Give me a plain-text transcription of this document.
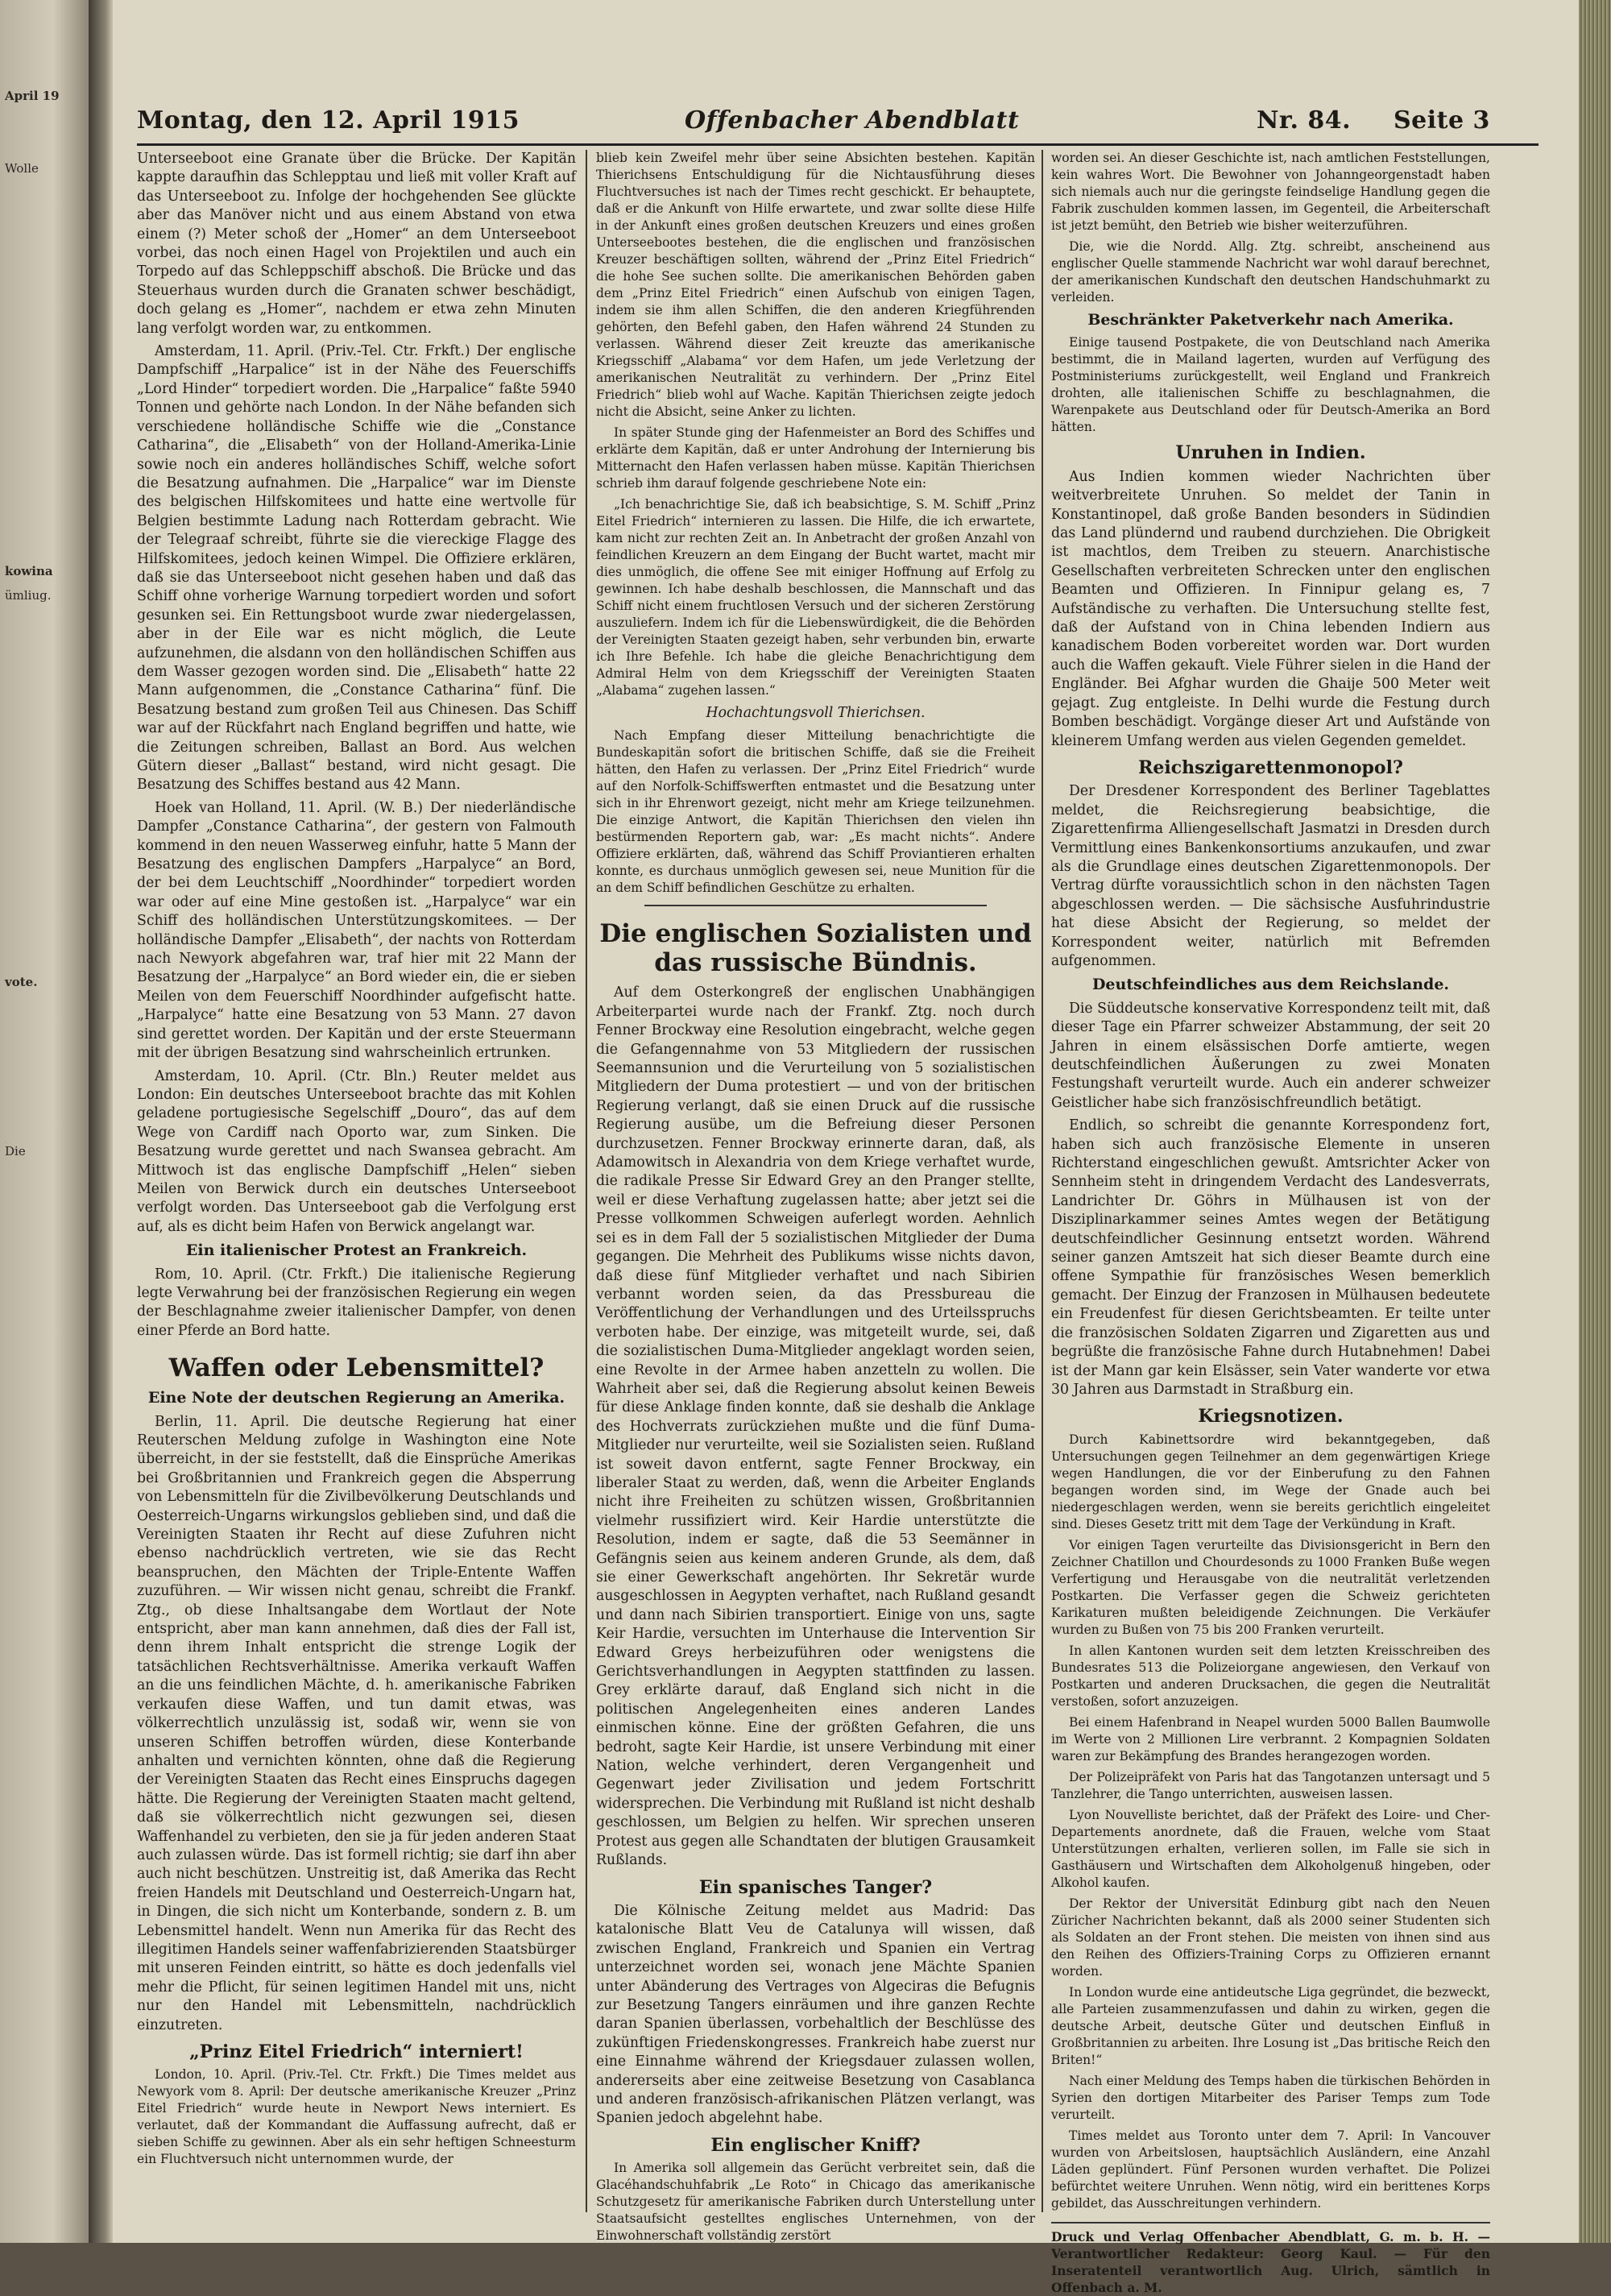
April 19
Wolle
kowina
ümliug.
vote.
Die
Montag, den 12. April 1915	Offenbacher Abendblatt	Nr. 84. Seite 3

Unterseeboot eine Granate über die Brücke. Der Kapitän kappte daraufhin das Schlepptau und ließ mit voller Kraft auf das Unterseeboot zu. Infolge der hochgehenden See glückte aber das Manöver nicht und aus einem Abstand von etwa einem (?) Meter schoß der „Homer“ an dem Unterseeboot vorbei, das noch einen Hagel von Projektilen und auch ein Torpedo auf das Schleppschiff abschoß. Die Brücke und das Steuerhaus wurden durch die Granaten schwer beschädigt, doch gelang es „Homer“, nachdem er etwa zehn Minuten lang verfolgt worden war, zu entkommen.

Amsterdam, 11. April. (Priv.-Tel. Ctr. Frkft.) Der englische Dampfschiff „Harpalice“ ist in der Nähe des Feuerschiffs „Lord Hinder“ torpediert worden. Die „Harpalice“ faßte 5940 Tonnen und gehörte nach London. In der Nähe befanden sich verschiedene holländische Schiffe wie die „Constance Catharina“, die „Elisabeth“ von der Holland-Amerika-Linie sowie noch ein anderes holländisches Schiff, welche sofort die Besatzung aufnahmen. Die „Harpalice“ war im Dienste des belgischen Hilfskomitees und hatte eine wertvolle für Belgien bestimmte Ladung nach Rotterdam gebracht. Wie der Telegraaf schreibt, führte sie die viereckige Flagge des Hilfskomitees, jedoch keinen Wimpel. Die Offiziere erklären, daß sie das Unterseeboot nicht gesehen haben und daß das Schiff ohne vorherige Warnung torpediert worden und sofort gesunken sei. Ein Rettungsboot wurde zwar niedergelassen, aber in der Eile war es nicht möglich, die Leute aufzunehmen, die alsdann von den holländischen Schiffen aus dem Wasser gezogen worden sind. Die „Elisabeth“ hatte 22 Mann aufgenommen, die „Constance Catharina“ fünf. Die Besatzung bestand zum großen Teil aus Chinesen. Das Schiff war auf der Rückfahrt nach England begriffen und hatte, wie die Zeitungen schreiben, Ballast an Bord. Aus welchen Gütern dieser „Ballast“ bestand, wird nicht gesagt. Die Besatzung des Schiffes bestand aus 42 Mann.

Hoek van Holland, 11. April. (W. B.) Der niederländische Dampfer „Constance Catharina“, der gestern von Falmouth kommend in den neuen Wasserweg einfuhr, hatte 5 Mann der Besatzung des englischen Dampfers „Harpalyce“ an Bord, der bei dem Leuchtschiff „Noordhinder“ torpediert worden war oder auf eine Mine gestoßen ist. „Harpalyce“ war ein Schiff des holländischen Unterstützungskomitees. — Der holländische Dampfer „Elisabeth“, der nachts von Rotterdam nach Newyork abgefahren war, traf hier mit 22 Mann der Besatzung der „Harpalyce“ an Bord wieder ein, die er sieben Meilen von dem Feuerschiff Noordhinder aufgefischt hatte. „Harpalyce“ hatte eine Besatzung von 53 Mann. 27 davon sind gerettet worden. Der Kapitän und der erste Steuermann mit der übrigen Besatzung sind wahrscheinlich ertrunken.

Amsterdam, 10. April. (Ctr. Bln.) Reuter meldet aus London: Ein deutsches Unterseeboot brachte das mit Kohlen geladene portugiesische Segelschiff „Douro“, das auf dem Wege von Cardiff nach Oporto war, zum Sinken. Die Besatzung wurde gerettet und nach Swansea gebracht. Am Mittwoch ist das englische Dampfschiff „Helen“ sieben Meilen von Berwick durch ein deutsches Unterseeboot verfolgt worden. Das Unterseeboot gab die Verfolgung erst auf, als es dicht beim Hafen von Berwick angelangt war.

Ein italienischer Protest an Frankreich.

Rom, 10. April. (Ctr. Frkft.) Die italienische Regierung legte Verwahrung bei der französischen Regierung ein wegen der Beschlagnahme zweier italienischer Dampfer, von denen einer Pferde an Bord hatte.

Waffen oder Lebensmittel?
Eine Note der deutschen Regierung an Amerika.

Berlin, 11. April. Die deutsche Regierung hat einer Reuterschen Meldung zufolge in Washington eine Note überreicht, in der sie feststellt, daß die Einsprüche Amerikas bei Großbritannien und Frankreich gegen die Absperrung von Lebensmitteln für die Zivilbevölkerung Deutschlands und Oesterreich-Ungarns wirkungslos geblieben sind, und daß die Vereinigten Staaten ihr Recht auf diese Zufuhren nicht ebenso nachdrücklich vertreten, wie sie das Recht beanspruchen, den Mächten der Triple-Entente Waffen zuzuführen. — Wir wissen nicht genau, schreibt die Frankf. Ztg., ob diese Inhaltsangabe dem Wortlaut der Note entspricht, aber man kann annehmen, daß dies der Fall ist, denn ihrem Inhalt entspricht die strenge Logik der tatsächlichen Rechtsverhältnisse. Amerika verkauft Waffen an die uns feindlichen Mächte, d. h. amerikanische Fabriken verkaufen diese Waffen, und tun damit etwas, was völkerrechtlich unzulässig ist, sodaß wir, wenn sie von unseren Schiffen betroffen würden, diese Konterbande anhalten und vernichten könnten, ohne daß die Regierung der Vereinigten Staaten das Recht eines Einspruchs dagegen hätte. Die Regierung der Vereinigten Staaten macht geltend, daß sie völkerrechtlich nicht gezwungen sei, diesen Waffenhandel zu verbieten, den sie ja für jeden anderen Staat auch zulassen würde. Das ist formell richtig; sie darf ihn aber auch nicht beschützen. Unstreitig ist, daß Amerika das Recht freien Handels mit Deutschland und Oesterreich-Ungarn hat, in Dingen, die sich nicht um Konterbande, sondern z. B. um Lebensmittel handelt. Wenn nun Amerika für das Recht des illegitimen Handels seiner waffenfabrizierenden Staatsbürger mit unseren Feinden eintritt, so hätte es doch jedenfalls viel mehr die Pflicht, für seinen legitimen Handel mit uns, nicht nur den Handel mit Lebensmitteln, nachdrücklich einzutreten.

„Prinz Eitel Friedrich“ interniert!

London, 10. April. (Priv.-Tel. Ctr. Frkft.) Die Times meldet aus Newyork vom 8. April: Der deutsche amerikanische Kreuzer „Prinz Eitel Friedrich“ wurde heute in Newport News interniert. Es verlautet, daß der Kommandant die Auffassung aufrecht, daß er sieben Schiffe zu gewinnen. Aber als ein sehr heftigen Schneesturm ein Fluchtversuch nicht unternommen wurde, der

blieb kein Zweifel mehr über seine Absichten bestehen. Kapitän Thierichsens Entschuldigung für die Nichtausführung dieses Fluchtversuches ist nach der Times recht geschickt. Er behauptete, daß er die Ankunft von Hilfe erwartete, und zwar sollte diese Hilfe in der Ankunft eines großen deutschen Kreuzers und eines großen Unterseebootes bestehen, die die englischen und französischen Kreuzer beschäftigen sollten, während der „Prinz Eitel Friedrich“ die hohe See suchen sollte. Die amerikanischen Behörden gaben dem „Prinz Eitel Friedrich“ einen Aufschub von einigen Tagen, indem sie ihm allen Schiffen, die den anderen Kriegführenden gehörten, den Befehl gaben, den Hafen während 24 Stunden zu verlassen. Während dieser Zeit kreuzte das amerikanische Kriegsschiff „Alabama“ vor dem Hafen, um jede Verletzung der amerikanischen Neutralität zu verhindern. Der „Prinz Eitel Friedrich“ blieb wohl auf Wache. Kapitän Thierichsen zeigte jedoch nicht die Absicht, seine Anker zu lichten.

In später Stunde ging der Hafenmeister an Bord des Schiffes und erklärte dem Kapitän, daß er unter Androhung der Internierung bis Mitternacht den Hafen verlassen haben müsse. Kapitän Thierichsen schrieb ihm darauf folgende geschriebene Note ein:

„Ich benachrichtige Sie, daß ich beabsichtige, S. M. Schiff „Prinz Eitel Friedrich“ internieren zu lassen. Die Hilfe, die ich erwartete, kam nicht zur rechten Zeit an. In Anbetracht der großen Anzahl von feindlichen Kreuzern an dem Eingang der Bucht wartet, macht mir dies unmöglich, die offene See mit einiger Hoffnung auf Erfolg zu gewinnen. Ich habe deshalb beschlossen, die Mannschaft und das Schiff nicht einem fruchtlosen Versuch und der sicheren Zerstörung auszuliefern. Indem ich für die Liebenswürdigkeit, die die Behörden der Vereinigten Staaten gezeigt haben, sehr verbunden bin, erwarte ich Ihre Befehle. Ich habe die gleiche Benachrichtigung dem Admiral Helm von dem Kriegsschiff der Vereinigten Staaten „Alabama“ zugehen lassen.“

Hochachtungsvoll Thierichsen.

Nach Empfang dieser Mitteilung benachrichtigte die Bundeskapitän sofort die britischen Schiffe, daß sie die Freiheit hätten, den Hafen zu verlassen. Der „Prinz Eitel Friedrich“ wurde auf den Norfolk-Schiffswerften entmastet und die Besatzung unter sich in ihr Ehrenwort gezeigt, nicht mehr am Kriege teilzunehmen. Die einzige Antwort, die Kapitän Thierichsen den vielen ihn bestürmenden Reportern gab, war: „Es macht nichts“. Andere Offiziere erklärten, daß, während das Schiff Proviantieren erhalten konnte, es durchaus unmöglich gewesen sei, neue Munition für die an dem Schiff befindlichen Geschütze zu erhalten.

Die englischen Sozialisten und das russische Bündnis.

Auf dem Osterkongreß der englischen Unabhängigen Arbeiterpartei wurde nach der Frankf. Ztg. noch durch Fenner Brockway eine Resolution eingebracht, welche gegen die Gefangennahme von 53 Mitgliedern der russischen Seemannsunion und die Verurteilung von 5 sozialistischen Mitgliedern der Duma protestiert — und von der britischen Regierung verlangt, daß sie einen Druck auf die russische Regierung ausübe, um die Befreiung dieser Personen durchzusetzen. Fenner Brockway erinnerte daran, daß, als Adamowitsch in Alexandria von dem Kriege verhaftet wurde, die radikale Presse Sir Edward Grey an den Pranger stellte, weil er diese Verhaftung zugelassen hatte; aber jetzt sei die Presse vollkommen Schweigen auferlegt worden. Aehnlich sei es in dem Fall der 5 sozialistischen Mitglieder der Duma gegangen. Die Mehrheit des Publikums wisse nichts davon, daß diese fünf Mitglieder verhaftet und nach Sibirien verbannt worden seien, da das Pressbureau die Veröffentlichung der Verhandlungen und des Urteilsspruchs verboten habe. Der einzige, was mitgeteilt wurde, sei, daß die sozialistischen Duma-Mitglieder angeklagt worden seien, eine Revolte in der Armee haben anzetteln zu wollen. Die Wahrheit aber sei, daß die Regierung absolut keinen Beweis für diese Anklage finden konnte, daß sie deshalb die Anklage des Hochverrats zurückziehen mußte und die fünf Duma-Mitglieder nur verurteilte, weil sie Sozialisten seien. Rußland ist soweit davon entfernt, sagte Fenner Brockway, ein liberaler Staat zu werden, daß, wenn die Arbeiter Englands nicht ihre Freiheiten zu schützen wissen, Großbritannien vielmehr russifiziert wird. Keir Hardie unterstützte die Resolution, indem er sagte, daß die 53 Seemänner in Gefängnis seien aus keinem anderen Grunde, als dem, daß sie einer Gewerkschaft angehörten. Ihr Sekretär wurde ausgeschlossen in Aegypten verhaftet, nach Rußland gesandt und dann nach Sibirien transportiert. Einige von uns, sagte Keir Hardie, versuchten im Unterhause die Intervention Sir Edward Greys herbeizuführen oder wenigstens die Gerichtsverhandlungen in Aegypten stattfinden zu lassen. Grey erklärte darauf, daß England sich nicht in die politischen Angelegenheiten eines anderen Landes einmischen könne. Eine der größten Gefahren, die uns bedroht, sagte Keir Hardie, ist unsere Verbindung mit einer Nation, welche verhindert, deren Vergangenheit und Gegenwart jeder Zivilisation und jedem Fortschritt widersprechen. Die Verbindung mit Rußland ist nicht deshalb geschlossen, um Belgien zu helfen. Wir sprechen unseren Protest aus gegen alle Schandtaten der blutigen Grausamkeit Rußlands.

Ein spanisches Tanger?

Die Kölnische Zeitung meldet aus Madrid: Das katalonische Blatt Veu de Catalunya will wissen, daß zwischen England, Frankreich und Spanien ein Vertrag unterzeichnet worden sei, wonach jene Mächte Spanien unter Abänderung des Vertrages von Algeciras die Befugnis zur Besetzung Tangers einräumen und ihre ganzen Rechte daran Spanien überlassen, vorbehaltlich der Beschlüsse des zukünftigen Friedenskongresses. Frankreich habe zuerst nur eine Einnahme während der Kriegsdauer zulassen wollen, andererseits aber eine zeitweise Besetzung von Casablanca und anderen französisch-afrikanischen Plätzen verlangt, was Spanien jedoch abgelehnt habe.

Ein englischer Kniff?

In Amerika soll allgemein das Gerücht verbreitet sein, daß die Glacéhandschuhfabrik „Le Roto“ in Chicago das amerikanische Schutzgesetz für amerikanische Fabriken durch Unterstellung unter Staatsaufsicht gestelltes englisches Unternehmen, von der Einwohnerschaft vollständig zerstört

worden sei. An dieser Geschichte ist, nach amtlichen Feststellungen, kein wahres Wort. Die Bewohner von Johanngeorgenstadt haben sich niemals auch nur die geringste feindselige Handlung gegen die Fabrik zuschulden kommen lassen, im Gegenteil, die Arbeiterschaft ist jetzt bemüht, den Betrieb wie bisher weiterzuführen.

Die, wie die Nordd. Allg. Ztg. schreibt, anscheinend aus englischer Quelle stammende Nachricht war wohl darauf berechnet, der amerikanischen Kundschaft den deutschen Handschuhmarkt zu verleiden.

Beschränkter Paketverkehr nach Amerika.

Einige tausend Postpakete, die von Deutschland nach Amerika bestimmt, die in Mailand lagerten, wurden auf Verfügung des Postministeriums zurückgestellt, weil England und Frankreich drohten, alle italienischen Schiffe zu beschlagnahmen, die Warenpakete aus Deutschland oder für Deutsch-Amerika an Bord hätten.

Unruhen in Indien.

Aus Indien kommen wieder Nachrichten über weitverbreitete Unruhen. So meldet der Tanin in Konstantinopel, daß große Banden besonders in Südindien das Land plündernd und raubend durchziehen. Die Obrigkeit ist machtlos, dem Treiben zu steuern. Anarchistische Gesellschaften verbreiteten Schrecken unter den englischen Beamten und Offizieren. In Finnipur gelang es, 7 Aufständische zu verhaften. Die Untersuchung stellte fest, daß der Aufstand von in China lebenden Indiern aus kanadischem Boden vorbereitet worden war. Dort wurden auch die Waffen gekauft. Viele Führer sielen in die Hand der Engländer. Bei Afghar wurden die Ghaije 500 Meter weit gejagt. Zug entgleiste. In Delhi wurde die Festung durch Bomben beschädigt. Vorgänge dieser Art und Aufstände von kleinerem Umfang werden aus vielen Gegenden gemeldet.

Reichszigarettenmonopol?

Der Dresdener Korrespondent des Berliner Tageblattes meldet, die Reichsregierung beabsichtige, die Zigarettenfirma Alliengesellschaft Jasmatzi in Dresden durch Vermittlung eines Bankenkonsortiums anzukaufen, und zwar als die Grundlage eines deutschen Zigarettenmonopols. Der Vertrag dürfte voraussichtlich schon in den nächsten Tagen abgeschlossen werden. — Die sächsische Ausfuhrindustrie hat diese Absicht der Regierung, so meldet der Korrespondent weiter, natürlich mit Befremden aufgenommen.

Deutschfeindliches aus dem Reichslande.

Die Süddeutsche konservative Korrespondenz teilt mit, daß dieser Tage ein Pfarrer schweizer Abstammung, der seit 20 Jahren in einem elsässischen Dorfe amtierte, wegen deutschfeindlichen Äußerungen zu zwei Monaten Festungshaft verurteilt wurde. Auch ein anderer schweizer Geistlicher habe sich französischfreundlich betätigt.

Endlich, so schreibt die genannte Korrespondenz fort, haben sich auch französische Elemente in unseren Richterstand eingeschlichen gewußt. Amtsrichter Acker von Sennheim steht in dringendem Verdacht des Landesverrats, Landrichter Dr. Göhrs in Mülhausen ist von der Disziplinarkammer seines Amtes wegen der Betätigung deutschfeindlicher Gesinnung entsetzt worden. Während seiner ganzen Amtszeit hat sich dieser Beamte durch eine offene Sympathie für französisches Wesen bemerklich gemacht. Der Einzug der Franzosen in Mülhausen bedeutete ein Freudenfest für diesen Gerichtsbeamten. Er teilte unter die französischen Soldaten Zigarren und Zigaretten aus und begrüßte die französische Fahne durch Hutabnehmen! Dabei ist der Mann gar kein Elsässer, sein Vater wanderte vor etwa 30 Jahren aus Darmstadt in Straßburg ein.

Kriegsnotizen.

Durch Kabinettsordre wird bekanntgegeben, daß Untersuchungen gegen Teilnehmer an dem gegenwärtigen Kriege wegen Handlungen, die vor der Einberufung zu den Fahnen begangen worden sind, im Wege der Gnade auch bei niedergeschlagen werden, wenn sie bereits gerichtlich eingeleitet sind. Dieses Gesetz tritt mit dem Tage der Verkündung in Kraft.

Vor einigen Tagen verurteilte das Divisionsgericht in Bern den Zeichner Chatillon und Chourdesonds zu 1000 Franken Buße wegen Verfertigung und Herausgabe von die neutralität verletzenden Postkarten. Die Verfasser gegen die Schweiz gerichteten Karikaturen mußten beleidigende Zeichnungen. Die Verkäufer wurden zu Bußen von 75 bis 200 Franken verurteilt.

In allen Kantonen wurden seit dem letzten Kreisschreiben des Bundesrates 513 die Polizeiorgane angewiesen, den Verkauf von Postkarten und anderen Drucksachen, die gegen die Neutralität verstoßen, sofort anzuzeigen.

Bei einem Hafenbrand in Neapel wurden 5000 Ballen Baumwolle im Werte von 2 Millionen Lire verbrannt. 2 Kompagnien Soldaten waren zur Bekämpfung des Brandes herangezogen worden.

Der Polizeipräfekt von Paris hat das Tangotanzen untersagt und 5 Tanzlehrer, die Tango unterrichten, ausweisen lassen.

Lyon Nouvelliste berichtet, daß der Präfekt des Loire- und Cher-Departements anordnete, daß die Frauen, welche vom Staat Unterstützungen erhalten, verlieren sollen, im Falle sie sich in Gasthäusern und Wirtschaften dem Alkoholgenuß hingeben, oder Alkohol kaufen.

Der Rektor der Universität Edinburg gibt nach den Neuen Züricher Nachrichten bekannt, daß als 2000 seiner Studenten sich als Soldaten an der Front stehen. Die meisten von ihnen sind aus den Reihen des Offiziers-Training Corps zu Offizieren ernannt worden.

In London wurde eine antideutsche Liga gegründet, die bezweckt, alle Parteien zusammenzufassen und dahin zu wirken, gegen die deutsche Arbeit, deutsche Güter und deutschen Einfluß in Großbritannien zu arbeiten. Ihre Losung ist „Das britische Reich den Briten!“

Nach einer Meldung des Temps haben die türkischen Behörden in Syrien den dortigen Mitarbeiter des Pariser Temps zum Tode verurteilt.

Times meldet aus Toronto unter dem 7. April: In Vancouver wurden von Arbeitslosen, hauptsächlich Ausländern, eine Anzahl Läden geplündert. Fünf Personen wurden verhaftet. Die Polizei befürchtet weitere Unruhen. Wenn nötig, wird ein berittenes Korps gebildet, das Ausschreitungen verhindern.

Druck und Verlag Offenbacher Abendblatt, G. m. b. H. — Verantwortlicher Redakteur: Georg Kaul. — Für den Inseratenteil verantwortlich Aug. Ulrich, sämtlich in Offenbach a. M.
